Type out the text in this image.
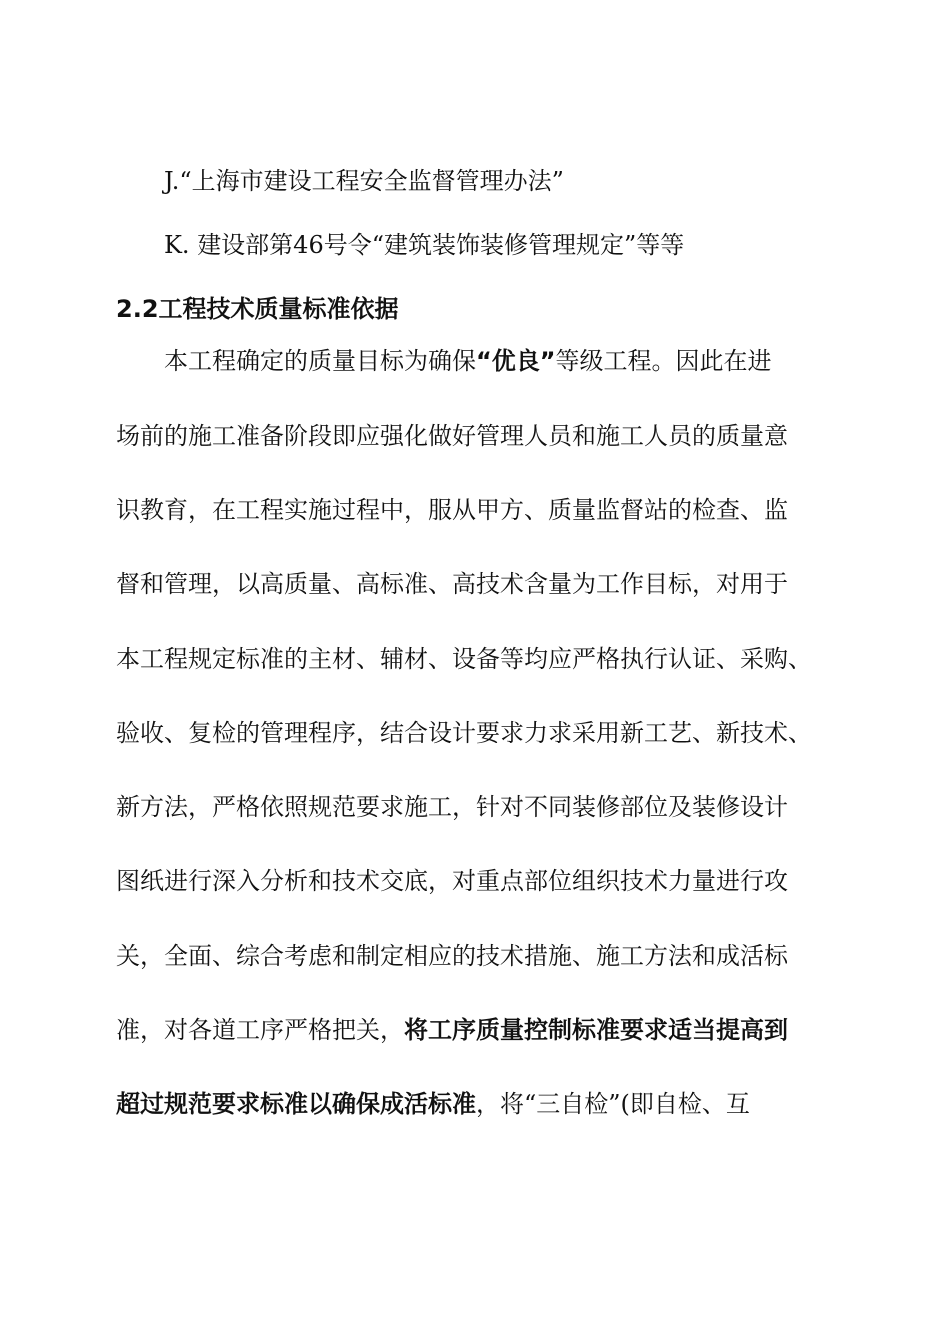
J.“上海市建设工程安全监督管理办法”
K. 建设部第46号令“建筑装饰装修管理规定”等等
2.2工程技术质量标准依据
本工程确定的质量目标为确保“优良”等级工程。因此在进
场前的施工准备阶段即应强化做好管理人员和施工人员的质量意
识教育，在工程实施过程中，服从甲方、质量监督站的检查、监
督和管理，以高质量、高标准、高技术含量为工作目标，对用于
本工程规定标准的主材、辅材、设备等均应严格执行认证、采购、
验收、复检的管理程序，结合设计要求力求采用新工艺、新技术、
新方法，严格依照规范要求施工，针对不同装修部位及装修设计
图纸进行深入分析和技术交底，对重点部位组织技术力量进行攻
关，全面、综合考虑和制定相应的技术措施、施工方法和成活标
准，对各道工序严格把关，将工序质量控制标准要求适当提高到
超过规范要求标准以确保成活标准，将“三自检”(即自检、互
